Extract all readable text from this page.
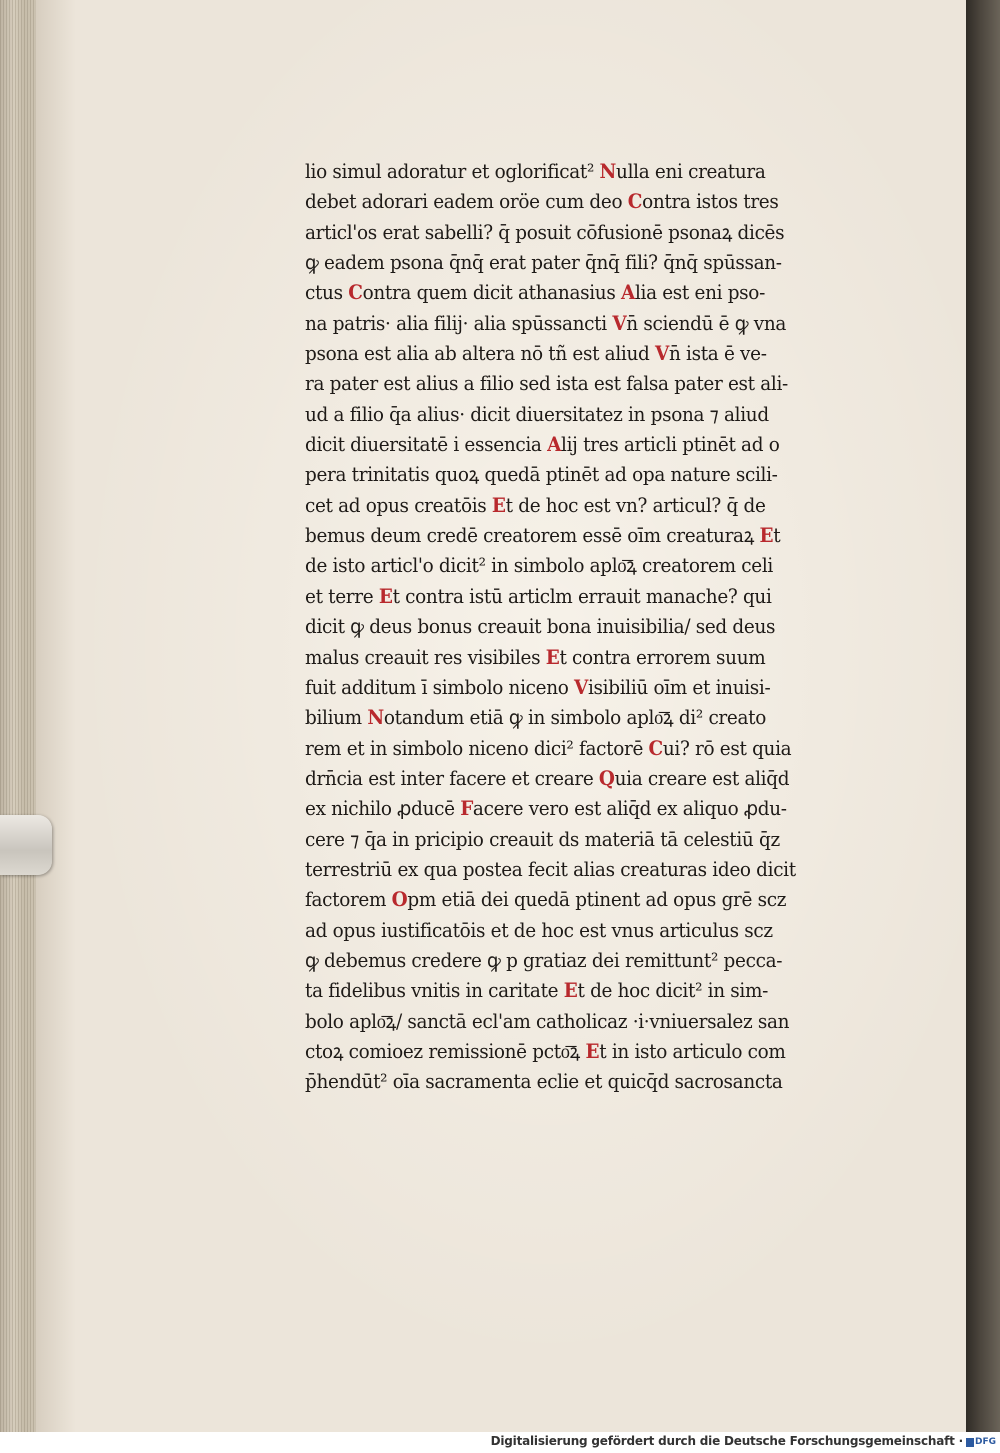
lio simul adoratur et oglorificat² Nulla eni creatura
debet adorari eadem oröe cum deo Contra istos tres
articl'os erat sabelli? q̄ posuit cōfusionē psonaꝝ dicēs
ꝙ eadem psona q̄nq̄ erat pater q̄nq̄ fili? q̄nq̄ spūssan-
ctus Contra quem dicit athanasius Alia est eni pso-
na patris· alia filij· alia spūssancti Vn̄ sciendū ē ꝙ vna
psona est alia ab altera nō tñ est aliud Vn̄ ista ē ve-
ra pater est alius a filio sed ista est falsa pater est ali-
ud a filio q̄a alius· dicit diuersitatez in psona ⁊ aliud
dicit diuersitatē i essencia Alij tres articli ptinēt ad o
pera trinitatis quoꝝ quedā ptinēt ad opa nature scili-
cet ad opus creatōis Et de hoc est vn? articul? q̄ de
bemus deum credē creatorem essē oīm creaturaꝝ Et
de isto articl'o dicit² in simbolo aplo͞ꝝ creatorem celi
et terre Et contra istū articlm errauit manache? qui
dicit ꝙ deus bonus creauit bona inuisibilia/ sed deus
malus creauit res visibiles Et contra errorem suum
fuit additum ī simbolo niceno Visibiliū oīm et inuisi-
bilium Notandum etiā ꝙ in simbolo aplo͞ꝝ di² creato
rem et in simbolo niceno dici² factorē Cui? rō est quia
drn̄cia est inter facere et creare Quia creare est aliq̄d
ex nichilo ꝓducē Facere vero est aliq̄d ex aliquo ꝓdu-
cere ⁊ q̄a in pricipio creauit ds materiā tā celestiū q̄z
terrestriū ex qua postea fecit alias creaturas ideo dicit
factorem Opm etiā dei quedā ptinent ad opus grē scz
ad opus iustificatōis et de hoc est vnus articulus scz
ꝙ debemus credere ꝙ p gratiaz dei remittunt² pecca-
ta fidelibus vnitis in caritate Et de hoc dicit² in sim-
bolo aplo͞ꝝ/ sanctā ecl'am catholicaz ·i·vniuersalez san
ctoꝝ comioez remissionē pcto͞ꝝ Et in isto articulo com
p̄hendūt² oīa sacramenta eclie et quicq̄d sacrosancta
Digitalisierung gefördert durch die Deutsche Forschungsgemeinschaft · DFG
